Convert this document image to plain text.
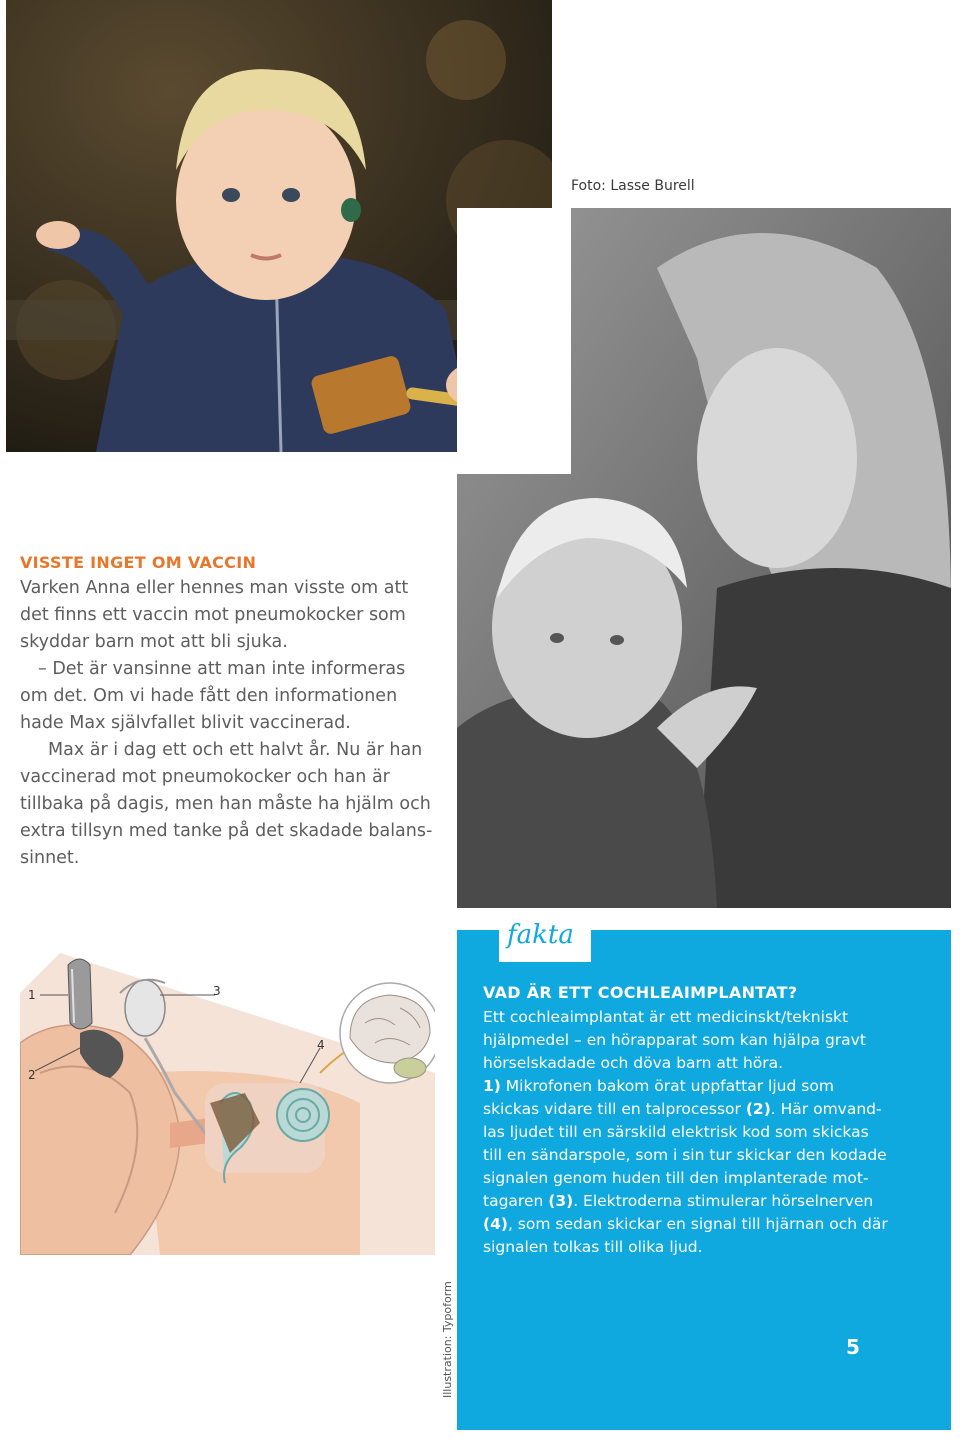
Foto: Lasse Burell
VISSTE INGET OM VACCIN
Varken Anna eller hennes man visste om att
det finns ett vaccin mot pneumokocker som
skyddar barn mot att bli sjuka.
– Det är vansinne att man inte informeras
om det. Om vi hade fått den informationen
hade Max självfallet blivit vaccinerad.
Max är i dag ett och ett halvt år. Nu är han
vaccinerad mot pneumokocker och han är
tillbaka på dagis, men han måste ha hjälm och
extra tillsyn med tanke på det skadade balans-
sinnet.
1
2
3
4
Illustration: Typoform
fakta
VAD ÄR ETT COCHLEAIMPLANTAT?
Ett cochleaimplantat är ett medicinskt/tekniskt
hjälpmedel – en hörapparat som kan hjälpa gravt
hörselskadade och döva barn att höra.
1) Mikrofonen bakom örat uppfattar ljud som
skickas vidare till en talprocessor (2). Här omvand-
las ljudet till en särskild elektrisk kod som skickas
till en sändarspole, som i sin tur skickar den kodade
signalen genom huden till den implanterade mot-
tagaren (3). Elektroderna stimulerar hörselnerven
(4), som sedan skickar en signal till hjärnan och där
signalen tolkas till olika ljud.
5
